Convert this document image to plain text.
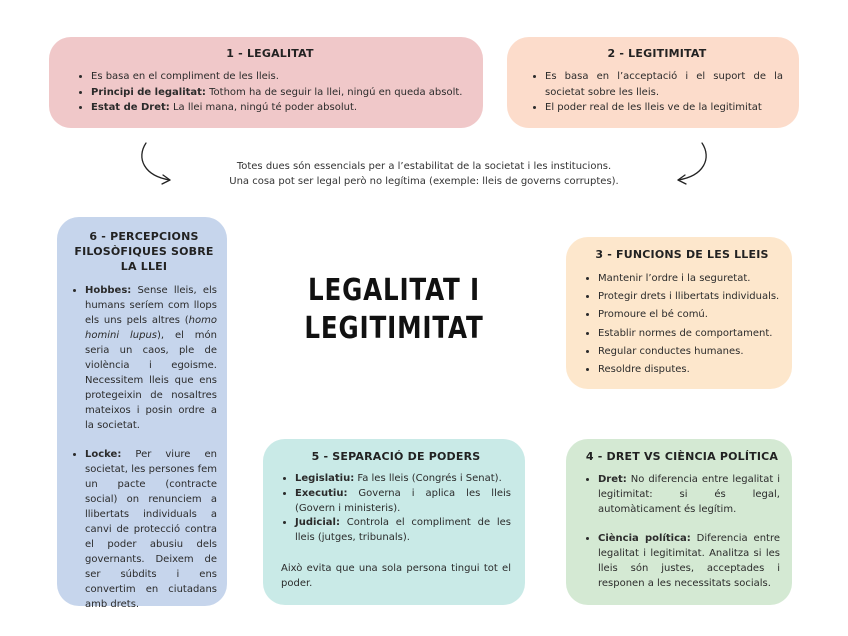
1 - LEGALITAT
• Es basa en el compliment de les lleis.
• Principi de legalitat: Tothom ha de seguir la llei, ningú en queda absolt.
• Estat de Dret: La llei mana, ningú té poder absolut.
2 - LEGITIMITAT
• Es basa en l’acceptació i el suport de la societat sobre les lleis.
• El poder real de les lleis ve de la legitimitat
Totes dues són essencials per a l’estabilitat de la societat i les institucions.
Una cosa pot ser legal però no legítima (exemple: lleis de governs corruptes).
LEGALITAT I
LEGITIMITAT
6 - PERCEPCIONS FILOSÒFIQUES SOBRE LA LLEI
• Hobbes: Sense lleis, els humans seríem com llops els uns pels altres (homo homini lupus), el món seria un caos, ple de violència i egoisme. Necessitem lleis que ens protegeixin de nosaltres mateixos i posin ordre a la societat.
• Locke: Per viure en societat, les persones fem un pacte (contracte social) on renunciem a llibertats individuals a canvi de protecció contra el poder abusiu dels governants. Deixem de ser súbdits i ens convertim en ciutadans amb drets.
3 - FUNCIONS DE LES LLEIS
• Mantenir l’ordre i la seguretat.
• Protegir drets i llibertats individuals.
• Promoure el bé comú.
• Establir normes de comportament.
• Regular conductes humanes.
• Resoldre disputes.
5 - SEPARACIÓ DE PODERS
• Legislatiu: Fa les lleis (Congrés i Senat).
• Executiu: Governa i aplica les lleis (Govern i ministeris).
• Judicial: Controla el compliment de les lleis (jutges, tribunals).

Això evita que una sola persona tingui tot el poder.

4 - DRET VS CIÈNCIA POLÍTICA
• Dret: No diferencia entre legalitat i legitimitat: si és legal, automàticament és legítim.
• Ciència política: Diferencia entre legalitat i legitimitat. Analitza si les lleis són justes, acceptades i responen a les necessitats socials.
